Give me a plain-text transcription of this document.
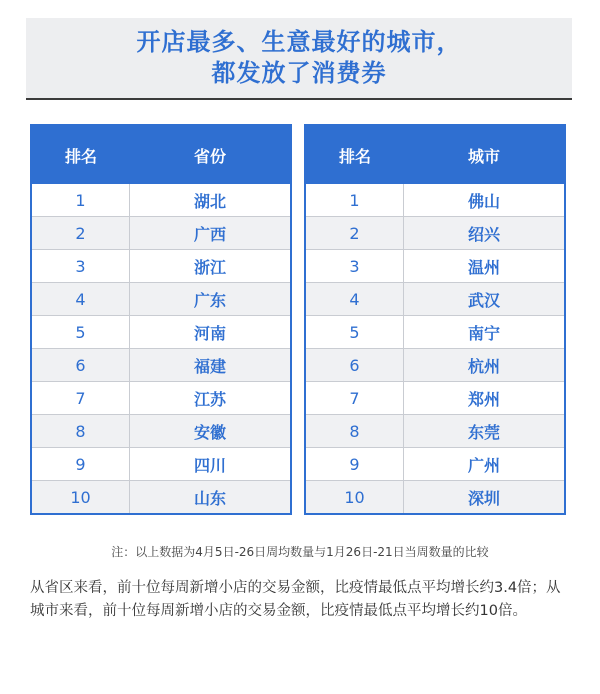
开店最多、生意最好的城市，
都发放了消费券
排名	省份
1	湖北
2	广西
3	浙江
4	广东
5	河南
6	福建
7	江苏
8	安徽
9	四川
10	山东
排名	城市
1	佛山
2	绍兴
3	温州
4	武汉
5	南宁
6	杭州
7	郑州
8	东莞
9	广州
10	深圳
注：以上数据为4月5日-26日周均数量与1月26日-21日当周数量的比较
从省区来看，前十位每周新增小店的交易金额，比疫情最低点平均增长约3.4倍；从城市来看，前十位每周新增小店的交易金额，比疫情最低点平均增长约10倍。
